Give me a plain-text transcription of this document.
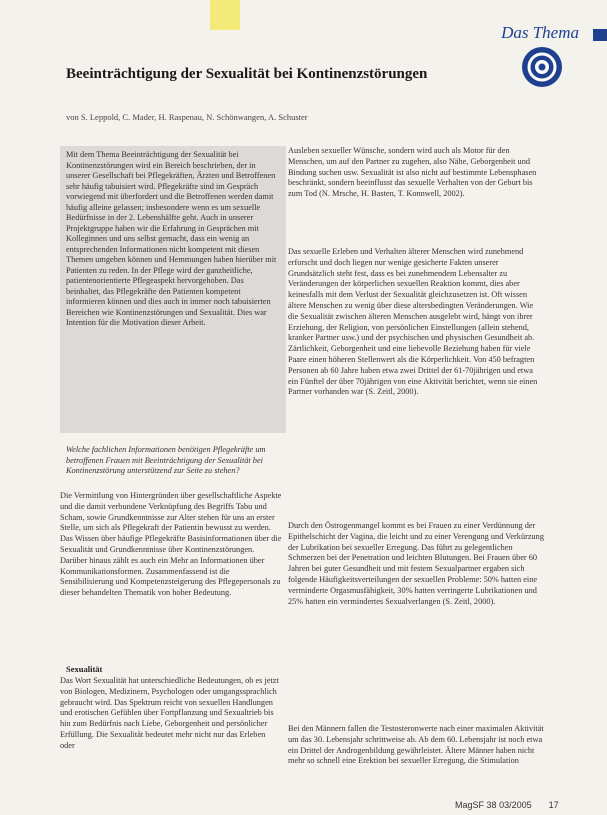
Das Thema
Beeinträchtigung der Sexualität bei Kontinenzstörungen
von S. Leppold, C. Mader, H. Raspenau, N. Schönwangen, A. Schuster

Mit dem Thema Beeinträchtigung der Sexualität bei Kontinenzstörungen wird ein Bereich beschrieben, der in unserer Gesellschaft bei Pflegekräften, Ärzten und Betroffenen sehr häufig tabuisiert wird. Pflegekräfte sind im Gespräch vorwiegend mit überfordert und die Betroffenen werden damit häufig alleine gelassen; insbesondere wenn es um sexuelle Bedürfnisse in der 2. Lebenshälfte geht. Auch in unserer Projektgruppe haben wir die Erfahrung in Gesprächen mit Kolleginnen und uns selbst gemacht, dass ein wenig an entsprechenden Informationen nicht kompetent mit diesen Themen umgehen können und Hemmungen haben hierüber mit Patienten zu reden. In der Pflege wird der ganzheitliche, patientenorientierte Pflegeaspekt hervorgehoben. Das beinhaltet, das Pflegekräfte den Patienten kompetent informieren können und dies auch in immer noch tabuisierten Bereichen wie Kontinenzstörungen und Sexualität. Dies war Intention für die Motivation dieser Arbeit.

Welche fachlichen Informationen benötigen Pflegekräfte um betroffenen Frauen mit Beeinträchtigung der Sexualität bei Kontinenzstörung unterstützend zur Seite zu stehen?

Die Vermittlung von Hintergründen über gesellschaftliche Aspekte und die damit verbundene Verknüpfung des Begriffs Tabu und Scham, sowie Grundkenntnisse zur Alter stehen für uns an erster Stelle, um sich als Pflegekraft der Patientin bewusst zu werden. Das Wissen über häufige Pflegekräfte Basisinformationen über die Sexualität und Grundkenntnisse über Kontinenzstörungen. Darüber hinaus zählt es auch ein Mehr an Informationen über Kommunikationsformen. Zusammenfassend ist die Sensibilisierung und Kompetenzsteigerung des Pflegepersonals zu dieser behandelten Thematik von hoher Bedeutung.

Sexualität

Das Wort Sexualität hat unterschiedliche Bedeutungen, ob es jetzt von Biologen, Medizinern, Psychologen oder umgangssprachlich gebraucht wird. Das Spektrum reicht von sexuellen Handlungen und erotischen Gefühlen über Fortpflanzung und Sexualtrieb bis hin zum Bedürfnis nach Liebe, Geborgenheit und persönlicher Erfüllung. Die Sexualität bedeutet mehr nicht nur das Erleben oder

Ausleben sexueller Wünsche, sondern wird auch als Motor für den Menschen, um auf den Partner zu zugehen, also Nähe, Geborgenheit und Bindung suchen usw. Sexualität ist also nicht auf bestimmte Lebensphasen beschränkt, sondern beeinflusst das sexuelle Verhalten von der Geburt bis zum Tod (N. Mrsche, H. Basten, T. Konnwell, 2002).

Das sexuelle Erleben und Verhalten älterer Menschen wird zunehmend erforscht und doch liegen nur wenige gesicherte Fakten unserer Grundsätzlich steht fest, dass es bei zunehmendem Lebensalter zu Veränderungen der körperlichen sexuellen Reaktion kommt, dies aber keinesfalls mit dem Verlust der Sexualität gleichzusetzen ist. Oft wissen ältere Menschen zu wenig über diese altersbedingten Veränderungen. Wie die Sexualität zwischen älteren Menschen ausgelebt wird, hängt von ihrer Erziehung, der Religion, von persönlichen Einstellungen (allein stehend, kranker Partner usw.) und der psychischen und physischen Gesundheit ab. Zärtlichkeit, Geborgenheit und eine liebevolle Beziehung haben für viele Paare einen höheren Stellenwert als die Körperlichkeit. Von 450 befragten Personen ab 60 Jahre haben etwa zwei Drittel der 61-70jährigen und etwa ein Fünftel der über 70jährigen von eine Aktivität berichtet, wenn sie einen Partner vorhanden war (S. Zeitl, 2000).

Durch den Östrogenmangel kommt es bei Frauen zu einer Verdünnung der Epithelschicht der Vagina, die leicht und zu einer Verengung und Verkürzung der Lubrikation bei sexueller Erregung. Das führt zu gelegentlichen Schmerzen bei der Penetration und leichten Blutungen. Bei Frauen über 60 Jahren bei guter Gesundheit und mit festem Sexualpartner ergaben sich folgende Häufigkeitsverteilungen der sexuellen Probleme: 50% hatten eine verminderte Orgasmusfähigkeit, 30% hatten verringerte Lubrikationen und 25% hatten ein vermindertes Sexualverlangen (S. Zeitl, 2000).

Bei den Männern fallen die Testosteronwerte nach einer maximalen Aktivität um das 30. Lebensjahr schrittweise ab. Ab dem 60. Lebensjahr ist noch etwa ein Drittel der Androgenbildung gewährleistet. Ältere Männer haben nicht mehr so schnell eine Erektion bei sexueller Erregung, die Stimulation

MagSF 38 03/2005 17
